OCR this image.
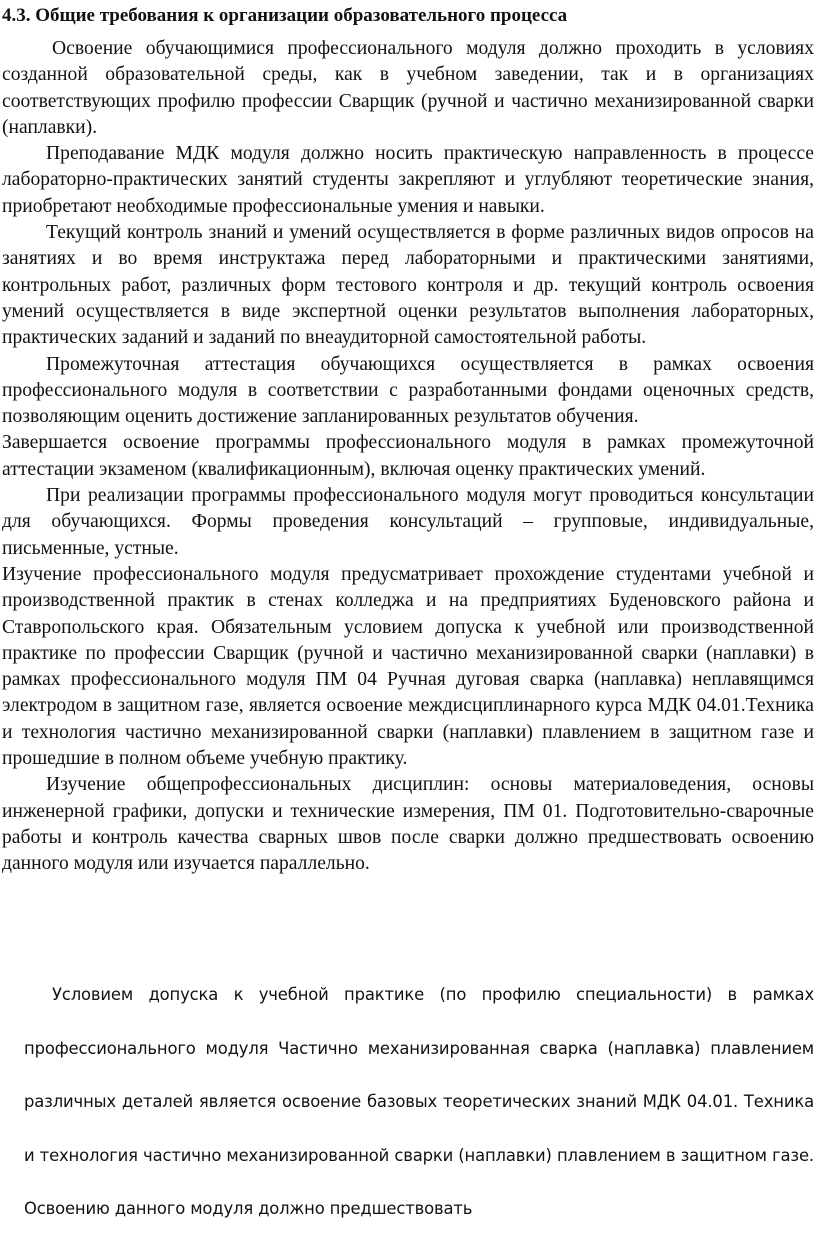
4.3. Общие требования к организации образовательного процесса

Освоение обучающимися профессионального модуля должно проходить в условиях созданной образовательной среды, как в учебном заведении, так и в организациях соответствующих профилю профессии Сварщик (ручной и частично механизированной сварки (наплавки).

Преподавание МДК модуля должно носить практическую направленность в процессе лабораторно-практических занятий студенты закрепляют и углубляют теоретические знания, приобретают необходимые профессиональные умения и навыки.

Текущий контроль знаний и умений осуществляется в форме различных видов опросов на занятиях и во время инструктажа перед лабораторными и практическими занятиями, контрольных работ, различных форм тестового контроля и др. текущий контроль освоения умений осуществляется в виде экспертной оценки результатов выполнения лабораторных, практических заданий и заданий по внеаудиторной самостоятельной работы.

Промежуточная аттестация обучающихся осуществляется в рамках освоения профессионального модуля в соответствии с разработанными фондами оценочных средств, позволяющим оценить достижение запланированных результатов обучения.

Завершается освоение программы профессионального модуля в рамках промежуточной аттестации экзаменом (квалификационным), включая оценку практических умений.

При реализации программы профессионального модуля могут проводиться консультации для обучающихся. Формы проведения консультаций – групповые, индивидуальные, письменные, устные.

Изучение профессионального модуля предусматривает прохождение студентами учебной и производственной практик в стенах колледжа и на предприятиях Буденовского района и Ставропольского края. Обязательным условием допуска к учебной или производственной практике по профессии Сварщик (ручной и частично механизированной сварки (наплавки) в рамках профессионального модуля ПМ 04 Ручная дуговая сварка (наплавка) неплавящимся электродом в защитном газе, является освоение междисциплинарного курса МДК 04.01.Техника и технология частично механизированной сварки (наплавки) плавлением в защитном газе и прошедшие в полном объеме учебную практику.

Изучение общепрофессиональных дисциплин: основы материаловедения, основы инженерной графики, допуски и технические измерения, ПМ 01. Подготовительно-сварочные работы и контроль качества сварных швов после сварки должно предшествовать освоению данного модуля или изучается параллельно.

Условием допуска к учебной практике (по профилю специальности) в рамках профессионального модуля Частично механизированная сварка (наплавка) плавлением различных деталей является освоение базовых теоретических знаний МДК 04.01. Техника и технология частично механизированной сварки (наплавки) плавлением в защитном газе. Освоению данного модуля должно предшествовать
